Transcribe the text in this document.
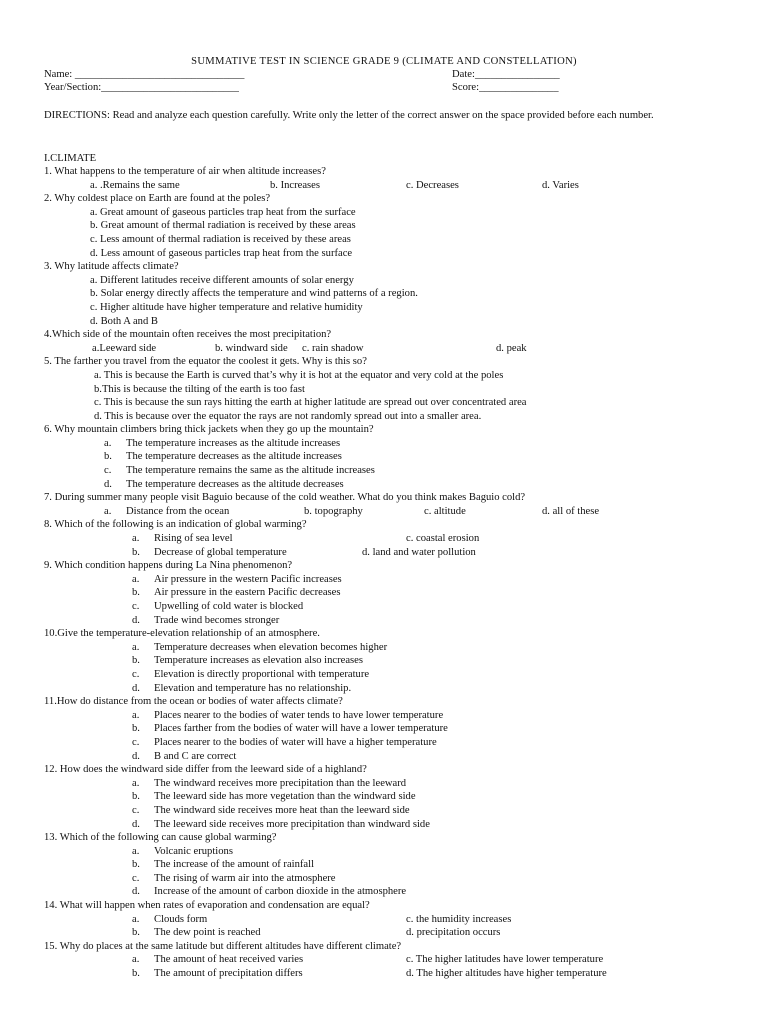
SUMMATIVE TEST IN SCIENCE GRADE 9 (CLIMATE AND CONSTELLATION)
Name: ________________________________	Date:________________
Year/Section:__________________________	Score:_______________
DIRECTIONS: Read and analyze each question carefully. Write only the letter of the correct answer on the space provided before each number.
I.CLIMATE
1. What happens to the temperature of air when altitude increases?
a. .Remains the same	b. Increases	c. Decreases	d. Varies
2. Why coldest place on Earth are found at the poles?
a. Great amount of gaseous particles trap heat from the surface
b. Great amount of thermal radiation is received by these areas
c. Less amount of thermal radiation is received by these areas
d. Less amount of gaseous particles trap heat from the surface
3. Why latitude affects climate?
a. Different latitudes receive different amounts of solar energy
b. Solar energy directly affects the temperature and wind patterns of a region.
c. Higher altitude have higher temperature and relative humidity
d. Both A and B
4.Which side of the mountain often receives the most precipitation?
a.Leeward side	b. windward side c. rain shadow	d. peak
5. The farther you travel from the equator the coolest it gets. Why is this so?
a. This is because the Earth is curved that’s why it is hot at the equator and very cold at the poles
b.This is because the tilting of the earth is too fast
c. This is because the sun rays hitting the earth at higher latitude are spread out over concentrated area
d. This is because over the equator the rays are not randomly spread out into a smaller area.
6. Why mountain climbers bring thick jackets when they go up the mountain?
a. The temperature increases as the altitude increases
b. The temperature decreases as the altitude increases
c. The temperature remains the same as the altitude increases
d. The temperature decreases as the altitude decreases
7. During summer many people visit Baguio because of the cold weather. What do you think makes Baguio cold?
a. Distance from the ocean	b. topography	c. altitude	d. all of these
8. Which of the following is an indication of global warming?
a. Rising of sea level	c. coastal erosion
b. Decrease of global temperature	d. land and water pollution
9. Which condition happens during La Nina phenomenon?
a. Air pressure in the western Pacific increases
b. Air pressure in the eastern Pacific decreases
c. Upwelling of cold water is blocked
d. Trade wind becomes stronger
10.Give the temperature-elevation relationship of an atmosphere.
a. Temperature decreases when elevation becomes higher
b. Temperature increases as elevation also increases
c. Elevation is directly proportional with temperature
d. Elevation and temperature has no relationship.
11.How do distance from the ocean or bodies of water affects climate?
a. Places nearer to the bodies of water tends to have lower temperature
b. Places farther from the bodies of water will have a lower temperature
c. Places nearer to the bodies of water will have a higher temperature
d. B and C are correct
12. How does the windward side differ from the leeward side of a highland?
a. The windward receives more precipitation than the leeward
b. The leeward side has more vegetation than the windward side
c. The windward side receives more heat than the leeward side
d. The leeward side receives more precipitation than windward side
13. Which of the following can cause global warming?
a. Volcanic eruptions
b. The increase of the amount of rainfall
c. The rising of warm air into the atmosphere
d. Increase of the amount of carbon dioxide in the atmosphere
14. What will happen when rates of evaporation and condensation are equal?
a. Clouds form	c. the humidity increases
b. The dew point is reached	d. precipitation occurs
15. Why do places at the same latitude but different altitudes have different climate?
a. The amount of heat received varies	c. The higher latitudes have lower temperature
b. The amount of precipitation differs	d. The higher altitudes have higher temperature
